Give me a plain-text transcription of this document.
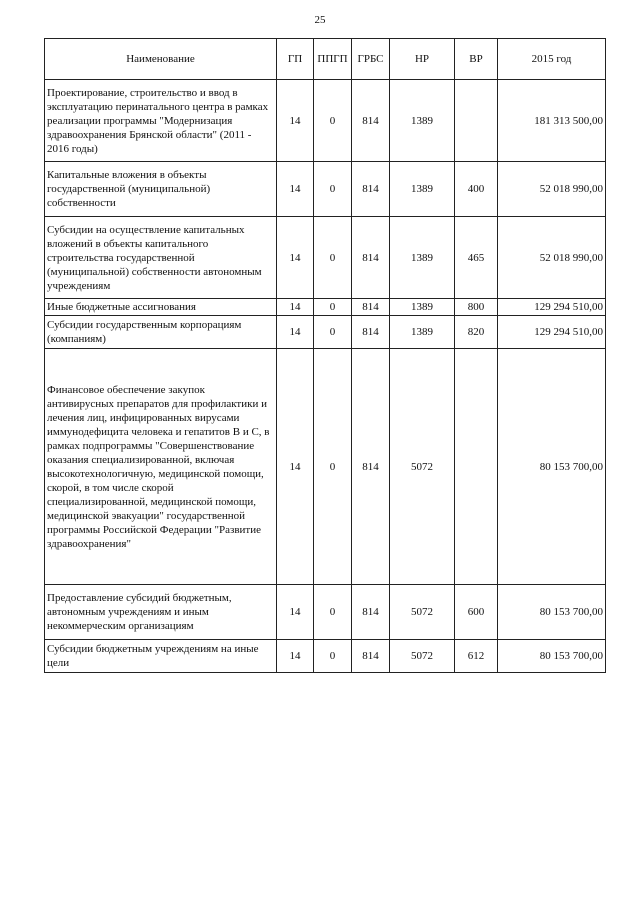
25
Наименование	ГП	ППГП	ГРБС	НР	ВР	2015 год
Проектирование, строительство и ввод в эксплуатацию перинатального центра в рамках реализации программы "Модернизация здравоохранения Брянской области" (2011 - 2016 годы)	14	0	814	1389		181 313 500,00
Капитальные вложения в объекты государственной (муниципальной) собственности	14	0	814	1389	400	52 018 990,00
Субсидии на осуществление капитальных вложений в объекты капитального строительства государственной (муниципальной) собственности автономным учреждениям	14	0	814	1389	465	52 018 990,00
Иные бюджетные ассигнования	14	0	814	1389	800	129 294 510,00
Субсидии государственным корпорациям (компаниям)	14	0	814	1389	820	129 294 510,00
Финансовое обеспечение закупок антивирусных препаратов для профилактики и лечения лиц, инфицированных вирусами иммунодефицита человека и гепатитов В и С, в рамках подпрограммы "Совершенствование оказания специализированной, включая высокотехнологичную, медицинской помощи, скорой, в том числе скорой специализированной, медицинской помощи, медицинской эвакуации" государственной программы Российской Федерации "Развитие здравоохранения"	14	0	814	5072		80 153 700,00
Предоставление субсидий бюджетным, автономным учреждениям и иным некоммерческим организациям	14	0	814	5072	600	80 153 700,00
Субсидии бюджетным учреждениям на иные цели	14	0	814	5072	612	80 153 700,00
